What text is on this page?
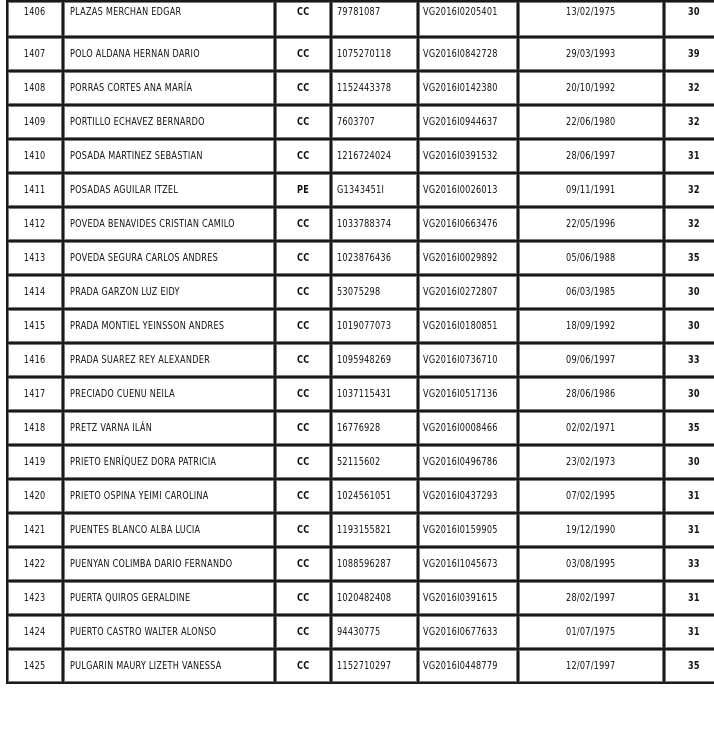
1406	PLAZAS MERCHAN EDGAR	CC	79781087	VG2016I0205401	13/02/1975	30
1407	POLO ALDANA HERNAN DARIO	CC	1075270118	VG2016I0842728	29/03/1993	39
1408	PORRAS CORTES ANA MARÍA	CC	1152443378	VG2016I0142380	20/10/1992	32
1409	PORTILLO ECHAVEZ BERNARDO	CC	7603707	VG2016I0944637	22/06/1980	32
1410	POSADA MARTINEZ SEBASTIAN	CC	1216724024	VG2016I0391532	28/06/1997	31
1411	POSADAS AGUILAR ITZEL	PE	G1343451I	VG2016I0026013	09/11/1991	32
1412	POVEDA BENAVIDES CRISTIAN CAMILO	CC	1033788374	VG2016I0663476	22/05/1996	32
1413	POVEDA SEGURA CARLOS ANDRES	CC	1023876436	VG2016I0029892	05/06/1988	35
1414	PRADA GARZON LUZ EIDY	CC	53075298	VG2016I0272807	06/03/1985	30
1415	PRADA MONTIEL YEINSSON ANDRES	CC	1019077073	VG2016I0180851	18/09/1992	30
1416	PRADA SUAREZ REY ALEXANDER	CC	1095948269	VG2016I0736710	09/06/1997	33
1417	PRECIADO CUENU NEILA	CC	1037115431	VG2016I0517136	28/06/1986	30
1418	PRETZ VARNA ILÁN	CC	16776928	VG2016I0008466	02/02/1971	35
1419	PRIETO ENRÍQUEZ DORA PATRICIA	CC	52115602	VG2016I0496786	23/02/1973	30
1420	PRIETO OSPINA YEIMI CAROLINA	CC	1024561051	VG2016I0437293	07/02/1995	31
1421	PUENTES BLANCO ALBA LUCIA	CC	1193155821	VG2016I0159905	19/12/1990	31
1422	PUENYAN COLIMBA DARIO FERNANDO	CC	1088596287	VG2016I1045673	03/08/1995	33
1423	PUERTA QUIROS GERALDINE	CC	1020482408	VG2016I0391615	28/02/1997	31
1424	PUERTO CASTRO WALTER ALONSO	CC	94430775	VG2016I0677633	01/07/1975	31
1425	PULGARIN MAURY LIZETH VANESSA	CC	1152710297	VG2016I0448779	12/07/1997	35
